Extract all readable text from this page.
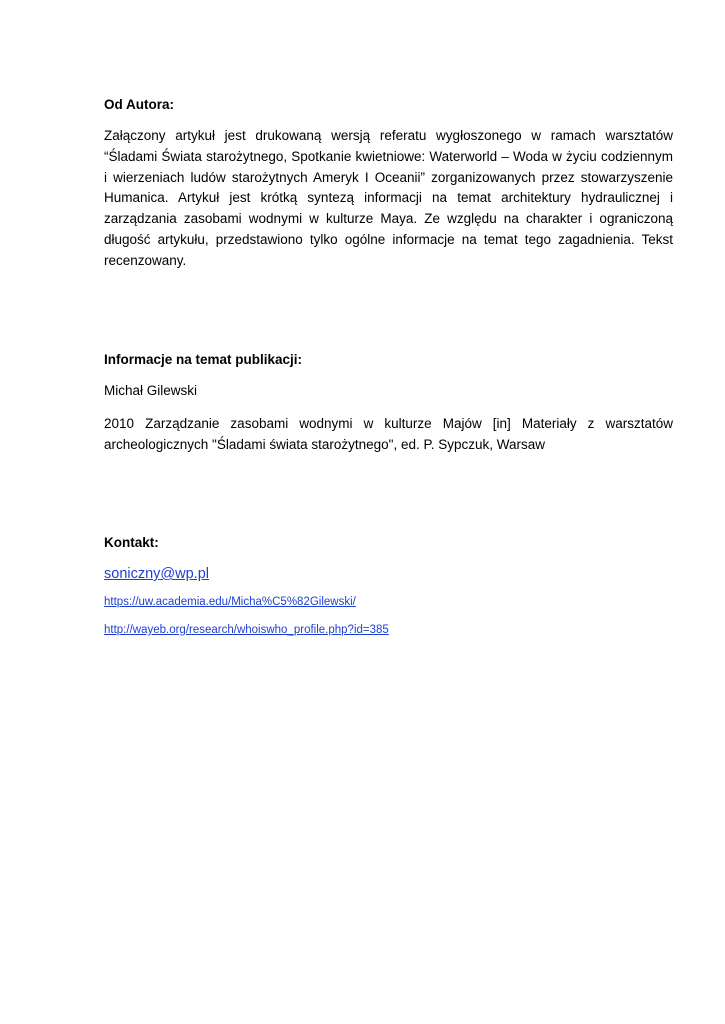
Od Autora:

Załączony artykuł jest drukowaną wersją referatu wygłoszonego w ramach warsztatów “Śladami Świata starożytnego, Spotkanie kwietniowe: Waterworld – Woda w życiu codziennym i wierzeniach ludów starożytnych Ameryk I Oceanii” zorganizowanych przez stowarzyszenie Humanica. Artykuł jest krótką syntezą informacji na temat architektury hydraulicznej i zarządzania zasobami wodnymi w kulturze Maya. Ze względu na charakter i ograniczoną długość artykułu, przedstawiono tylko ogólne informacje na temat tego zagadnienia. Tekst recenzowany.

Informacje na temat publikacji:

Michał Gilewski

2010 Zarządzanie zasobami wodnymi w kulturze Majów [in] Materiały z warsztatów archeologicznych "Śladami świata starożytnego", ed. P. Sypczuk, Warsaw

Kontakt:

soniczny@wp.pl
https://uw.academia.edu/Micha%C5%82Gilewski/
http://wayeb.org/research/whoiswho_profile.php?id=385
